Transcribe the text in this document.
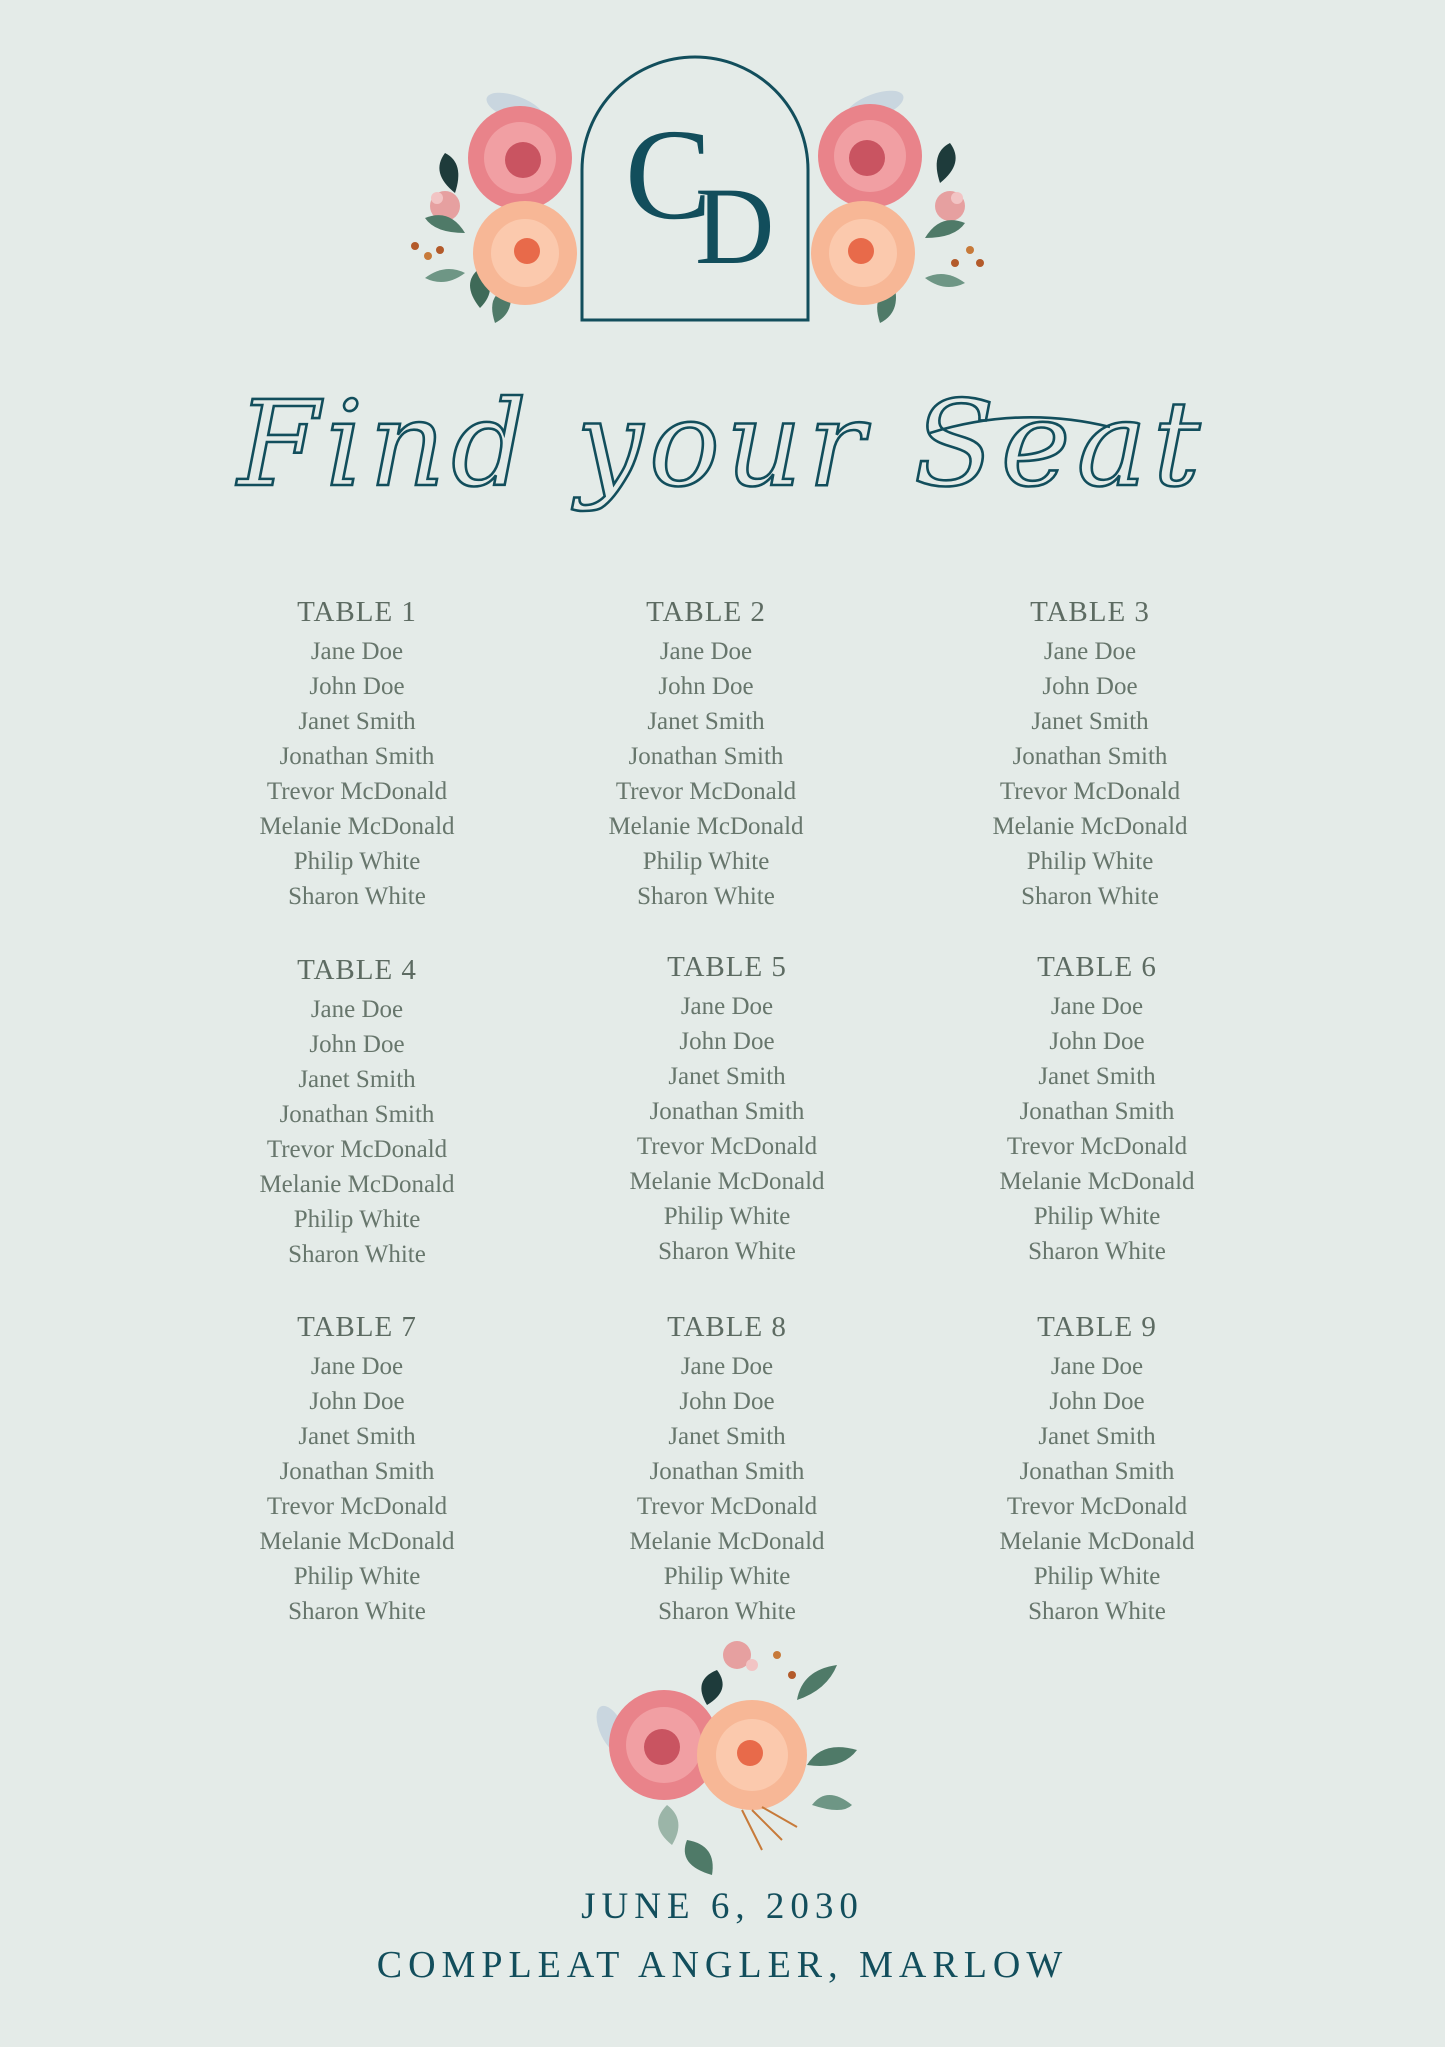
C
D
Find your Seat
TABLE 1
Jane Doe
John Doe
Janet Smith
Jonathan Smith
Trevor McDonald
Melanie McDonald
Philip White
Sharon White
TABLE 2
Jane Doe
John Doe
Janet Smith
Jonathan Smith
Trevor McDonald
Melanie McDonald
Philip White
Sharon White
TABLE 3
Jane Doe
John Doe
Janet Smith
Jonathan Smith
Trevor McDonald
Melanie McDonald
Philip White
Sharon White
TABLE 4
Jane Doe
John Doe
Janet Smith
Jonathan Smith
Trevor McDonald
Melanie McDonald
Philip White
Sharon White
TABLE 5
Jane Doe
John Doe
Janet Smith
Jonathan Smith
Trevor McDonald
Melanie McDonald
Philip White
Sharon White
TABLE 6
Jane Doe
John Doe
Janet Smith
Jonathan Smith
Trevor McDonald
Melanie McDonald
Philip White
Sharon White
TABLE 7
Jane Doe
John Doe
Janet Smith
Jonathan Smith
Trevor McDonald
Melanie McDonald
Philip White
Sharon White
TABLE 8
Jane Doe
John Doe
Janet Smith
Jonathan Smith
Trevor McDonald
Melanie McDonald
Philip White
Sharon White
TABLE 9
Jane Doe
John Doe
Janet Smith
Jonathan Smith
Trevor McDonald
Melanie McDonald
Philip White
Sharon White
JUNE 6, 2030
COMPLEAT ANGLER, MARLOW
